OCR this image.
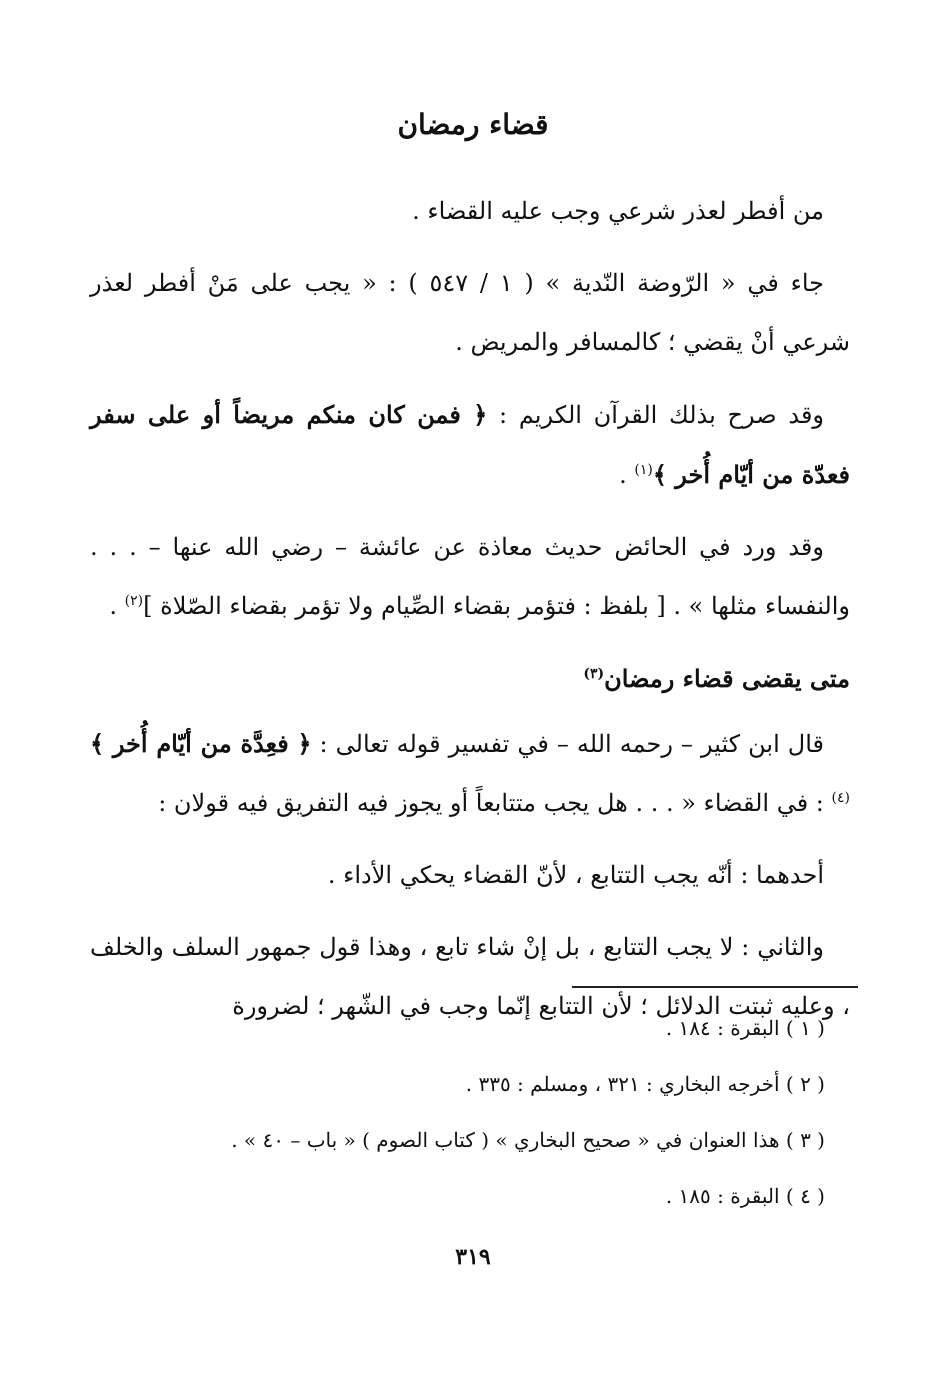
قضاء رمضان

من أفطر لعذر شرعي وجب عليه القضاء .

جاء في « الرّوضة النّدية » ( ١ / ٥٤٧ ) : « يجب على مَنْ أفطر لعذر شرعي أنْ يقضي ؛ كالمسافر والمريض .

وقد صرح بذلك القرآن الكريم : ﴿ فمن كان منكم مريضاً أو على سفر فعدّة من أيّام أُخر ﴾$^{(١)}$ .

وقد ورد في الحائض حديث معاذة عن عائشة – رضي الله عنها – . . . والنفساء مثلها » . [ بلفظ : فتؤمر بقضاء الصِّيام ولا تؤمر بقضاء الصّلاة ]$^{(٢)}$ .

متى يقضى قضاء رمضان$^{(٣)}$

قال ابن كثير – رحمه الله – في تفسير قوله تعالى : ﴿ فعِدَّة من أيّام أُخر ﴾$^{(٤)}$ : في القضاء « . . . هل يجب متتابعاً أو يجوز فيه التفريق فيه قولان :

أحدهما : أنّه يجب التتابع ، لأنّ القضاء يحكي الأداء .

والثاني : لا يجب التتابع ، بل إنْ شاء تابع ، وهذا قول جمهور السلف والخلف ، وعليه ثبتت الدلائل ؛ لأن التتابع إنّما وجب في الشّهر ؛ لضرورة

( ١ ) البقرة : ١٨٤ .
( ٢ ) أخرجه البخاري : ٣٢١ ، ومسلم : ٣٣٥ .
( ٣ ) هذا العنوان في « صحيح البخاري » ( كتاب الصوم ) « باب – ٤٠ » .
( ٤ ) البقرة : ١٨٥ .
٣١٩
